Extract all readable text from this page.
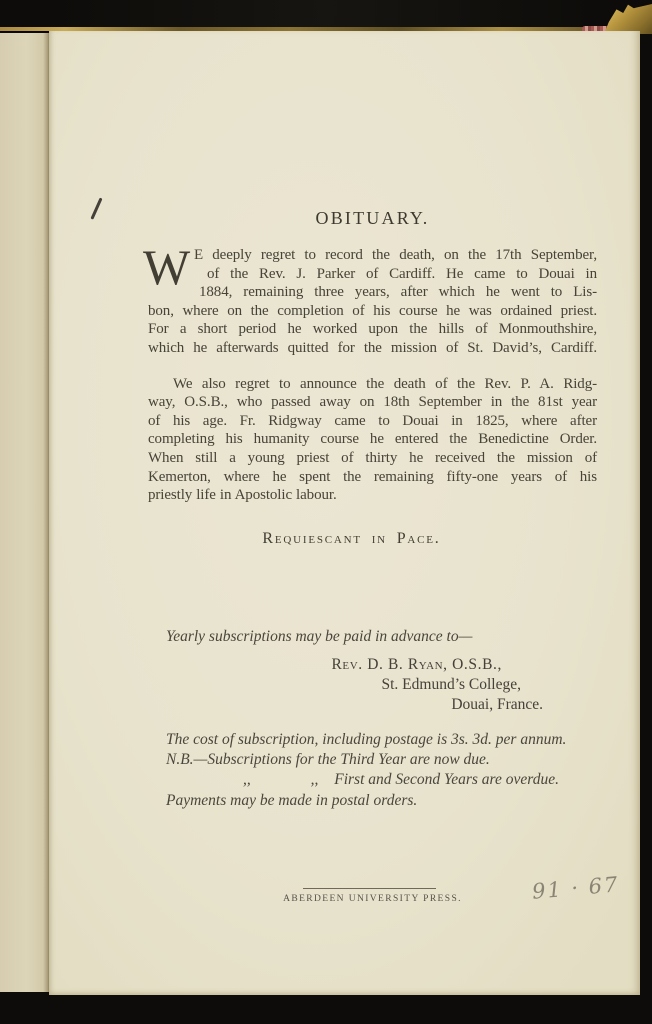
OBITUARY.
W E deeply regret to record the death, on the 17th September,
of the Rev. J. Parker of Cardiff. He came to Douai in
1884, remaining three years, after which he went to Lis-
bon, where on the completion of his course he was ordained priest.
For a short period he worked upon the hills of Monmouthshire,
which he afterwards quitted for the mission of St. David’s, Cardiff.
We also regret to announce the death of the Rev. P. A. Ridg-
way, O.S.B., who passed away on 18th September in the 81st year
of his age. Fr. Ridgway came to Douai in 1825, where after
completing his humanity course he entered the Benedictine Order.
When still a young priest of thirty he received the mission of
Kemerton, where he spent the remaining fifty-one years of his
priestly life in Apostolic labour.
Requiescant in Pace.
Yearly subscriptions may be paid in advance to—
Rev. D. B. Ryan, O.S.B.,
St. Edmund’s College,
Douai, France.
The cost of subscription, including postage is 3s. 3d. per annum.
N.B.—Subscriptions for the Third Year are now due.
,,	,, First and Second Years are overdue.
Payments may be made in postal orders.
ABERDEEN UNIVERSITY PRESS.	91 · 67
